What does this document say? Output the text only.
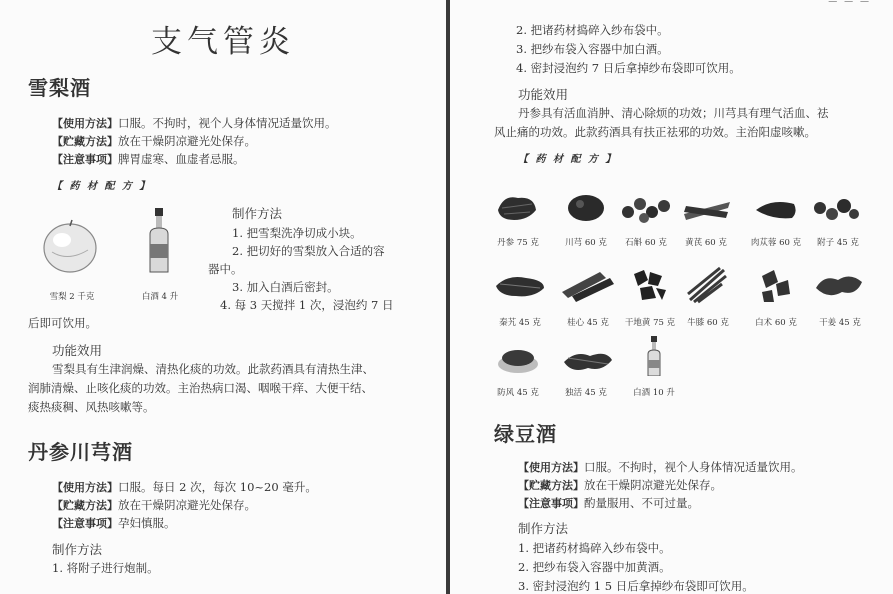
支气管炎
雪梨酒
【使用方法】口服。不拘时，视个人身体情况适量饮用。
【贮藏方法】放在干燥阴凉避光处保存。
【注意事项】脾胃虚寒、血虚者忌服。
【 药 材 配 方 】
雪梨 2 千克	白酒 4 升
制作方法
1. 把雪梨洗净切成小块。
2. 把切好的雪梨放入合适的容
器中。
3. 加入白酒后密封。
4. 每 3 天搅拌 1 次，浸泡约 7 日
后即可饮用。
功能效用
雪梨具有生津润燥、清热化痰的功效。此款药酒具有清热生津、
润肺清燥、止咳化痰的功效。主治热病口渴、咽喉干痒、大便干结、
痰热痰稠、风热咳嗽等。
丹参川芎酒
【使用方法】口服。每日 2 次，每次 10~20 毫升。
【贮藏方法】放在干燥阴凉避光处保存。
【注意事项】孕妇慎服。
制作方法
1. 将附子进行炮制。
— — —
2. 把诸药材捣碎入纱布袋中。
3. 把纱布袋入容器中加白酒。
4. 密封浸泡约 7 日后拿掉纱布袋即可饮用。
功能效用
丹参具有活血消肿、清心除烦的功效；川芎具有理气活血、祛
风止痛的功效。此款药酒具有扶正祛邪的功效。主治阳虚咳嗽。
【 药 材 配 方 】
丹参 75 克	川芎 60 克	石斛 60 克	黄芪 60 克	肉苁蓉 60 克	附子 45 克
秦艽 45 克	桂心 45 克	干地黄 75 克	牛膝 60 克	白术 60 克	干姜 45 克
防风 45 克	独活 45 克	白酒 10 升
绿豆酒
【使用方法】口服。不拘时，视个人身体情况适量饮用。
【贮藏方法】放在干燥阴凉避光处保存。
【注意事项】酌量服用、不可过量。
制作方法
1. 把诸药材捣碎入纱布袋中。
2. 把纱布袋入容器中加黄酒。
3. 密封浸泡约 1 5 日后拿掉纱布袋即可饮用。
